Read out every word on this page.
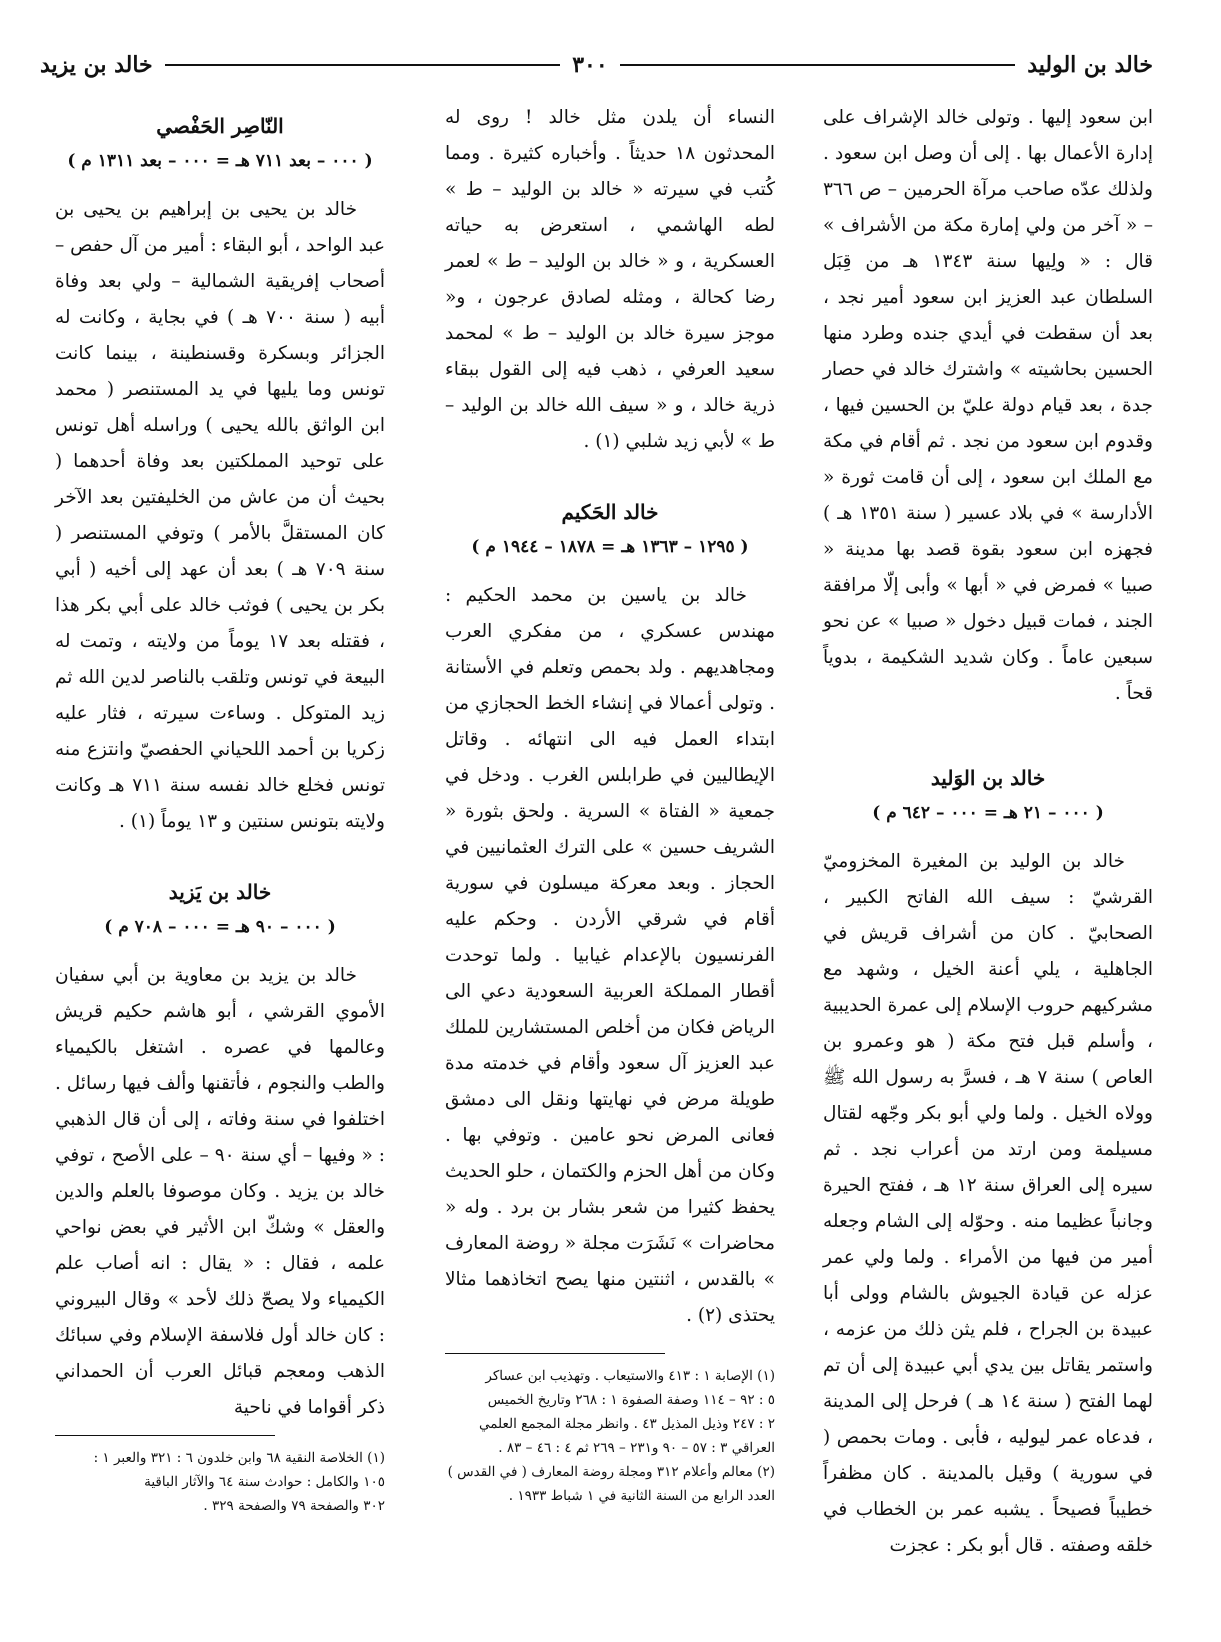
خالد بن الوليد
٣٠٠
خالد بن يزيد

ابن سعود إليها . وتولى خالد الإشراف على إدارة الأعمال بها . إلى أن وصل ابن سعود . ولذلك عدّه صاحب مرآة الحرمين – ص ٣٦٦ – « آخر من ولي إمارة مكة من الأشراف » قال : « ولِيها سنة ١٣٤٣ هـ من قِبَل السلطان عبد العزيز ابن سعود أمير نجد ، بعد أن سقطت في أيدي جنده وطرد منها الحسين بحاشيته » واشترك خالد في حصار جدة ، بعد قيام دولة عليّ بن الحسين فيها ، وقدوم ابن سعود من نجد . ثم أقام في مكة مع الملك ابن سعود ، إلى أن قامت ثورة « الأدارسة » في بلاد عسير ( سنة ١٣٥١ هـ ) فجهزه ابن سعود بقوة قصد بها مدينة « صبيا » فمرض في « أبها » وأبى إلّا مرافقة الجند ، فمات قبيل دخول « صبيا » عن نحو سبعين عاماً . وكان شديد الشكيمة ، بدوياً قحاً .

خالد بن الوَليد
( ٠٠٠ – ٢١ هـ = ٠٠٠ – ٦٤٢ م )

خالد بن الوليد بن المغيرة المخزوميّ القرشيّ : سيف الله الفاتح الكبير ، الصحابيّ . كان من أشراف قريش في الجاهلية ، يلي أعنة الخيل ، وشهد مع مشركيهم حروب الإسلام إلى عمرة الحديبية ، وأسلم قبل فتح مكة ( هو وعمرو بن العاص ) سنة ٧ هـ ، فسرَّ به رسول الله ﷺ وولاه الخيل . ولما ولي أبو بكر وجّهه لقتال مسيلمة ومن ارتد من أعراب نجد . ثم سيره إلى العراق سنة ١٢ هـ ، ففتح الحيرة وجانباً عظيما منه . وحوّله إلى الشام وجعله أمير من فيها من الأمراء . ولما ولي عمر عزله عن قيادة الجيوش بالشام وولى أبا عبيدة بن الجراح ، فلم يثن ذلك من عزمه ، واستمر يقاتل بين يدي أبي عبيدة إلى أن تم لهما الفتح ( سنة ١٤ هـ ) فرحل إلى المدينة ، فدعاه عمر ليوليه ، فأبى . ومات بحمص ( في سورية ) وقيل بالمدينة . كان مظفراً خطيباً فصيحاً . يشبه عمر بن الخطاب في خلقه وصفته . قال أبو بكر : عجزت

النساء أن يلدن مثل خالد ! روى له المحدثون ١٨ حديثاً . وأخباره كثيرة . ومما كُتب في سيرته « خالد بن الوليد – ط » لطه الهاشمي ، استعرض به حياته العسكرية ، و « خالد بن الوليد – ط » لعمر رضا كحالة ، ومثله لصادق عرجون ، و« موجز سيرة خالد بن الوليد – ط » لمحمد سعيد العرفي ، ذهب فيه إلى القول ببقاء ذرية خالد ، و « سيف الله خالد بن الوليد – ط » لأبي زيد شلبي (١) .

خالد الحَكيم
( ١٢٩٥ – ١٣٦٣ هـ = ١٨٧٨ – ١٩٤٤ م )

خالد بن ياسين بن محمد الحكيم : مهندس عسكري ، من مفكري العرب ومجاهديهم . ولد بحمص وتعلم في الأستانة . وتولى أعمالا في إنشاء الخط الحجازي من ابتداء العمل فيه الى انتهائه . وقاتل الإيطاليين في طرابلس الغرب . ودخل في جمعية « الفتاة » السرية . ولحق بثورة « الشريف حسين » على الترك العثمانيين في الحجاز . وبعد معركة ميسلون في سورية أقام في شرقي الأردن . وحكم عليه الفرنسيون بالإعدام غيابيا . ولما توحدت أقطار المملكة العربية السعودية دعي الى الرياض فكان من أخلص المستشارين للملك عبد العزيز آل سعود وأقام في خدمته مدة طويلة مرض في نهايتها ونقل الى دمشق فعانى المرض نحو عامين . وتوفي بها . وكان من أهل الحزم والكتمان ، حلو الحديث يحفظ كثيرا من شعر بشار بن برد . وله « محاضرات » نَشَرَت مجلة « روضة المعارف » بالقدس ، اثنتين منها يصح اتخاذهما مثالا يحتذى (٢) .

(١) الإصابة ١ : ٤١٣ والاستيعاب . وتهذيب ابن عساكر

٥ : ٩٢ – ١١٤ وصفة الصفوة ١ : ٢٦٨ وتاريخ الخميس

٢ : ٢٤٧ وذيل المذيل ٤٣ . وانظر مجلة المجمع العلمي

العراقي ٣ : ٥٧ – ٩٠ و٢٣١ – ٢٦٩ ثم ٤ : ٤٦ – ٨٣ .

(٢) معالم وأعلام ٣١٢ ومجلة روضة المعارف ( في القدس )

العدد الرابع من السنة الثانية في ١ شباط ١٩٣٣ .

النّاصِر الحَفْصي
( ٠٠٠ – بعد ٧١١ هـ = ٠٠٠ – بعد ١٣١١ م )

خالد بن يحيى بن إبراهيم بن يحيى بن عبد الواحد ، أبو البقاء : أمير من آل حفص – أصحاب إفريقية الشمالية – ولي بعد وفاة أبيه ( سنة ٧٠٠ هـ ) في بجاية ، وكانت له الجزائر وبسكرة وقسنطينة ، بينما كانت تونس وما يليها في يد المستنصر ( محمد ابن الواثق بالله يحيى ) وراسله أهل تونس على توحيد المملكتين بعد وفاة أحدهما ( بحيث أن من عاش من الخليفتين بعد الآخر كان المستقلَّ بالأمر ) وتوفي المستنصر ( سنة ٧٠٩ هـ ) بعد أن عهد إلى أخيه ( أبي بكر بن يحيى ) فوثب خالد على أبي بكر هذا ، فقتله بعد ١٧ يوماً من ولايته ، وتمت له البيعة في تونس وتلقب بالناصر لدين الله ثم زيد المتوكل . وساءت سيرته ، فثار عليه زكريا بن أحمد اللحياني الحفصيّ وانتزع منه تونس فخلع خالد نفسه سنة ٧١١ هـ وكانت ولايته بتونس سنتين و ١٣ يوماً (١) .

خالد بن يَزيد
( ٠٠٠ – ٩٠ هـ = ٠٠٠ – ٧٠٨ م )

خالد بن يزيد بن معاوية بن أبي سفيان الأموي القرشي ، أبو هاشم حكيم قريش وعالمها في عصره . اشتغل بالكيمياء والطب والنجوم ، فأتقنها وألف فيها رسائل . اختلفوا في سنة وفاته ، إلى أن قال الذهبي : « وفيها – أي سنة ٩٠ – على الأصح ، توفي خالد بن يزيد . وكان موصوفا بالعلم والدين والعقل » وشكّ ابن الأثير في بعض نواحي علمه ، فقال : « يقال : انه أصاب علم الكيمياء ولا يصحّ ذلك لأحد » وقال البيروني : كان خالد أول فلاسفة الإسلام وفي سبائك الذهب ومعجم قبائل العرب أن الحمداني ذكر أقواما في ناحية

(١) الخلاصة النقية ٦٨ وابن خلدون ٦ : ٣٢١ والعبر ١ :

١٠٥ والكامل : حوادث سنة ٦٤ والآثار الباقية

٣٠٢ والصفحة ٧٩ والصفحة ٣٢٩ .
